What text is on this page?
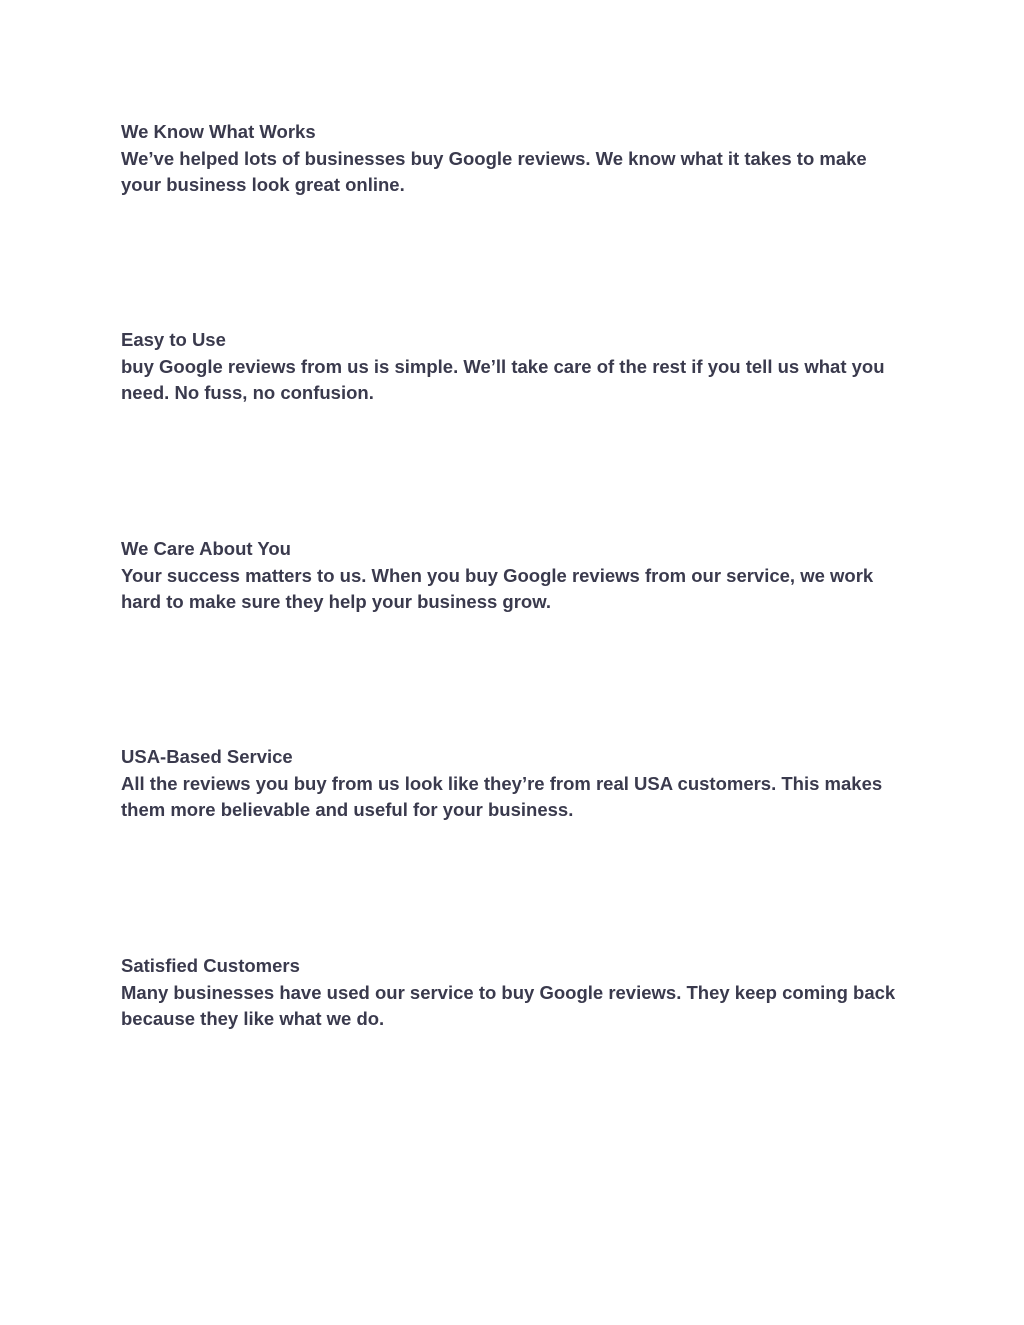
We Know What Works

We’ve helped lots of businesses buy Google reviews. We know what it takes to make your business look great online.

Easy to Use

buy Google reviews from us is simple. We’ll take care of the rest if you tell us what you need. No fuss, no confusion.

We Care About You

Your success matters to us. When you buy Google reviews from our service, we work hard to make sure they help your business grow.

USA-Based Service

All the reviews you buy from us look like they’re from real USA customers. This makes them more believable and useful for your business.

Satisfied Customers

Many businesses have used our service to buy Google reviews. They keep coming back because they like what we do.
